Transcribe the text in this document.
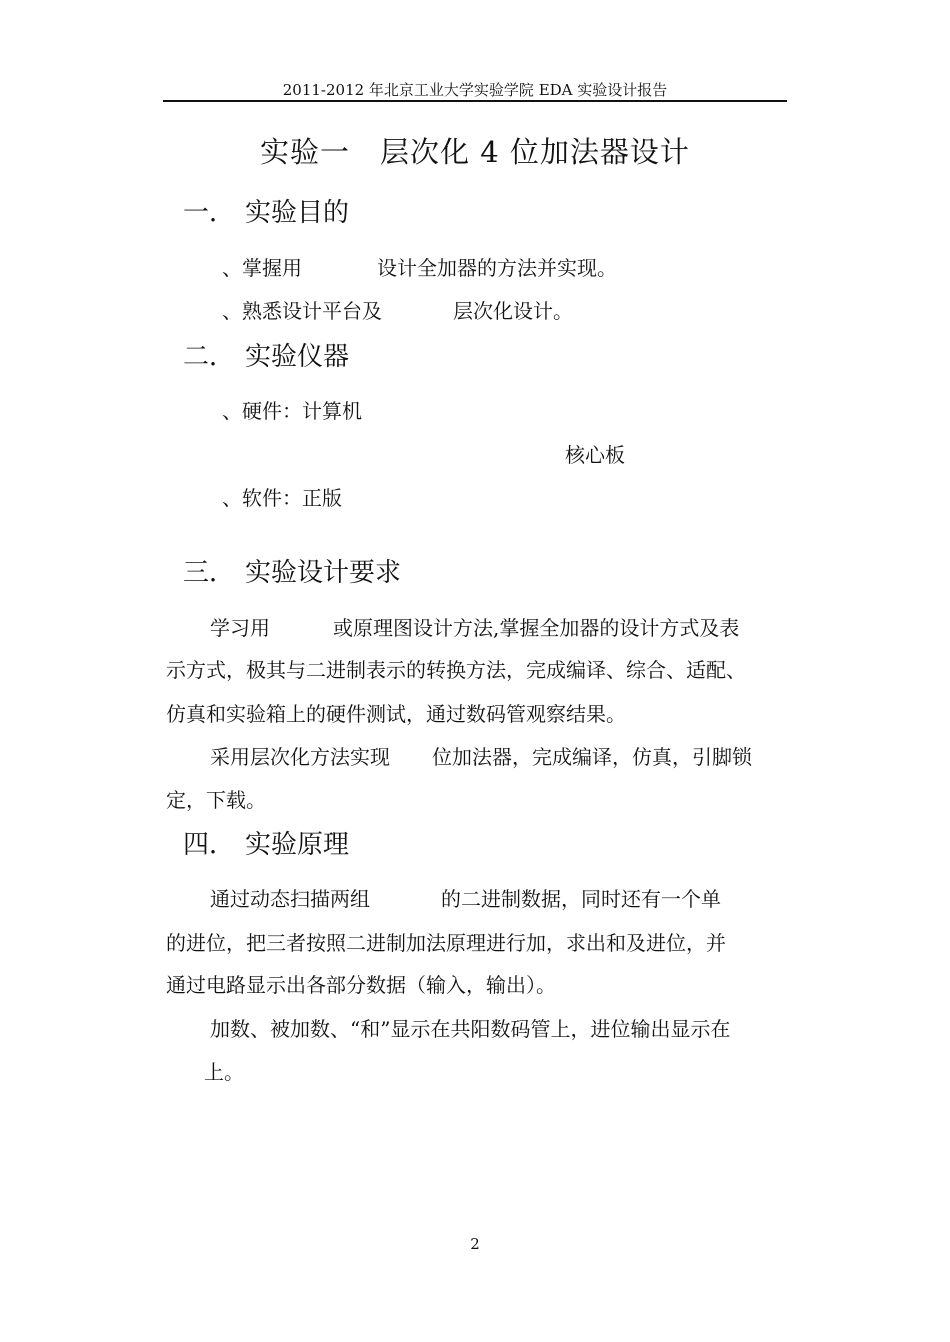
2011-2012 年北京工业大学实验学院 EDA 实验设计报告
实验一　层次化 4 位加法器设计
一． 实验目的
、掌握用	设计全加器的方法并实现。
、熟悉设计平台及	层次化设计。
二． 实验仪器
、硬件：计算机
核心板
、软件：正版
三． 实验设计要求
学习用	或原理图设计方法,掌握全加器的设计方式及表
示方式，极其与二进制表示的转换方法，完成编译、综合、适配、
仿真和实验箱上的硬件测试，通过数码管观察结果。
采用层次化方法实现 位加法器，完成编译，仿真，引脚锁
定，下载。
四． 实验原理
通过动态扫描两组	的二进制数据，同时还有一个单
的进位，把三者按照二进制加法原理进行加，求出和及进位，并
通过电路显示出各部分数据（输入，输出）。
加数、被加数、“和”显示在共阳数码管上，进位输出显示在
上。
2
